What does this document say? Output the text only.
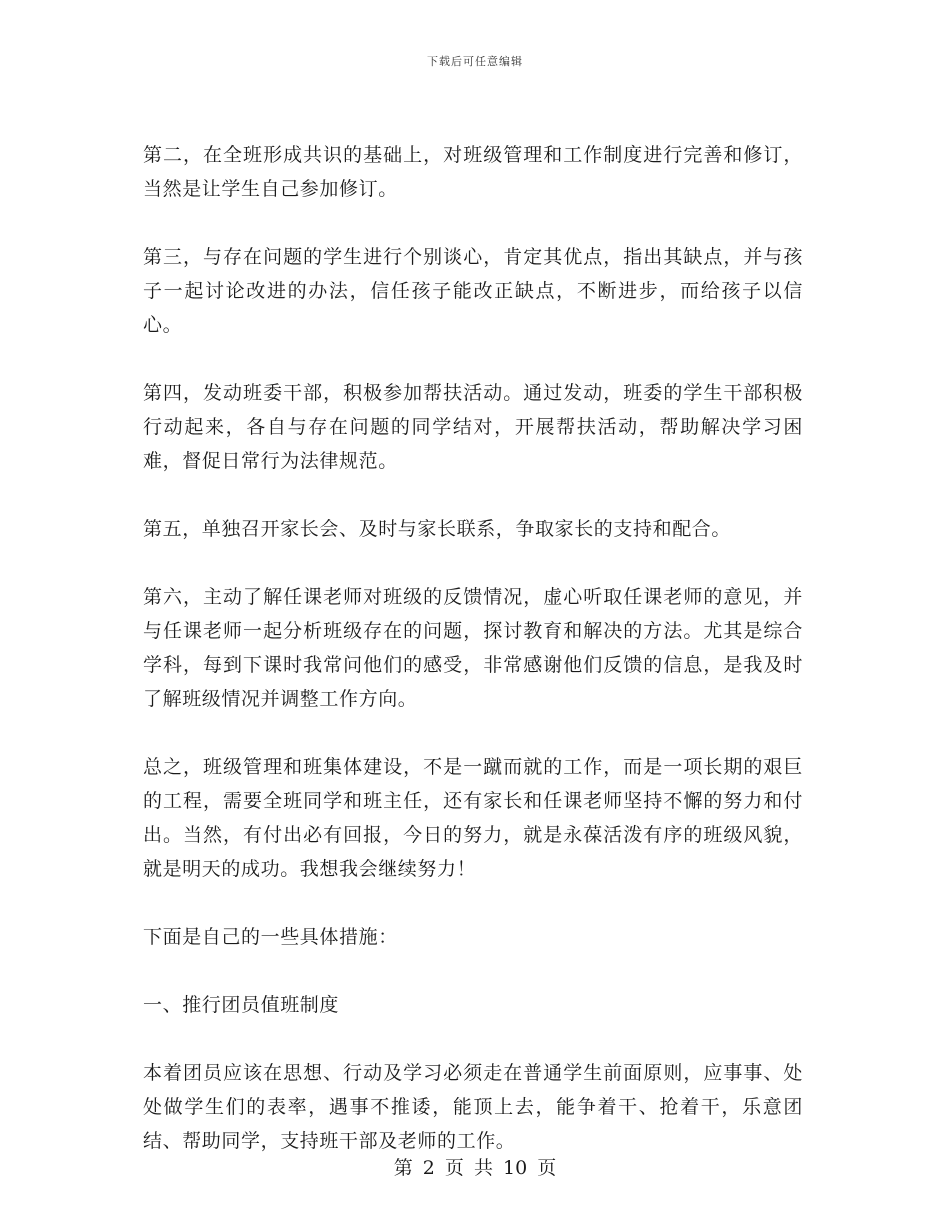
下载后可任意编辑

第二，在全班形成共识的基础上，对班级管理和工作制度进行完善和修订，当然是让学生自己参加修订。

第三，与存在问题的学生进行个别谈心，肯定其优点，指出其缺点，并与孩子一起讨论改进的办法，信任孩子能改正缺点，不断进步，而给孩子以信心。

第四，发动班委干部，积极参加帮扶活动。通过发动，班委的学生干部积极行动起来，各自与存在问题的同学结对，开展帮扶活动，帮助解决学习困难，督促日常行为法律规范。

第五，单独召开家长会、及时与家长联系，争取家长的支持和配合。

第六，主动了解任课老师对班级的反馈情况，虚心听取任课老师的意见，并与任课老师一起分析班级存在的问题，探讨教育和解决的方法。尤其是综合学科，每到下课时我常问他们的感受，非常感谢他们反馈的信息，是我及时了解班级情况并调整工作方向。

总之，班级管理和班集体建设，不是一蹴而就的工作，而是一项长期的艰巨的工程，需要全班同学和班主任，还有家长和任课老师坚持不懈的努力和付出。当然，有付出必有回报，今日的努力，就是永葆活泼有序的班级风貌，就是明天的成功。我想我会继续努力！

下面是自己的一些具体措施：

一、推行团员值班制度

本着团员应该在思想、行动及学习必须走在普通学生前面原则，应事事、处处做学生们的表率，遇事不推诿，能顶上去，能争着干、抢着干，乐意团结、帮助同学，支持班干部及老师的工作。

第 2 页 共 10 页
